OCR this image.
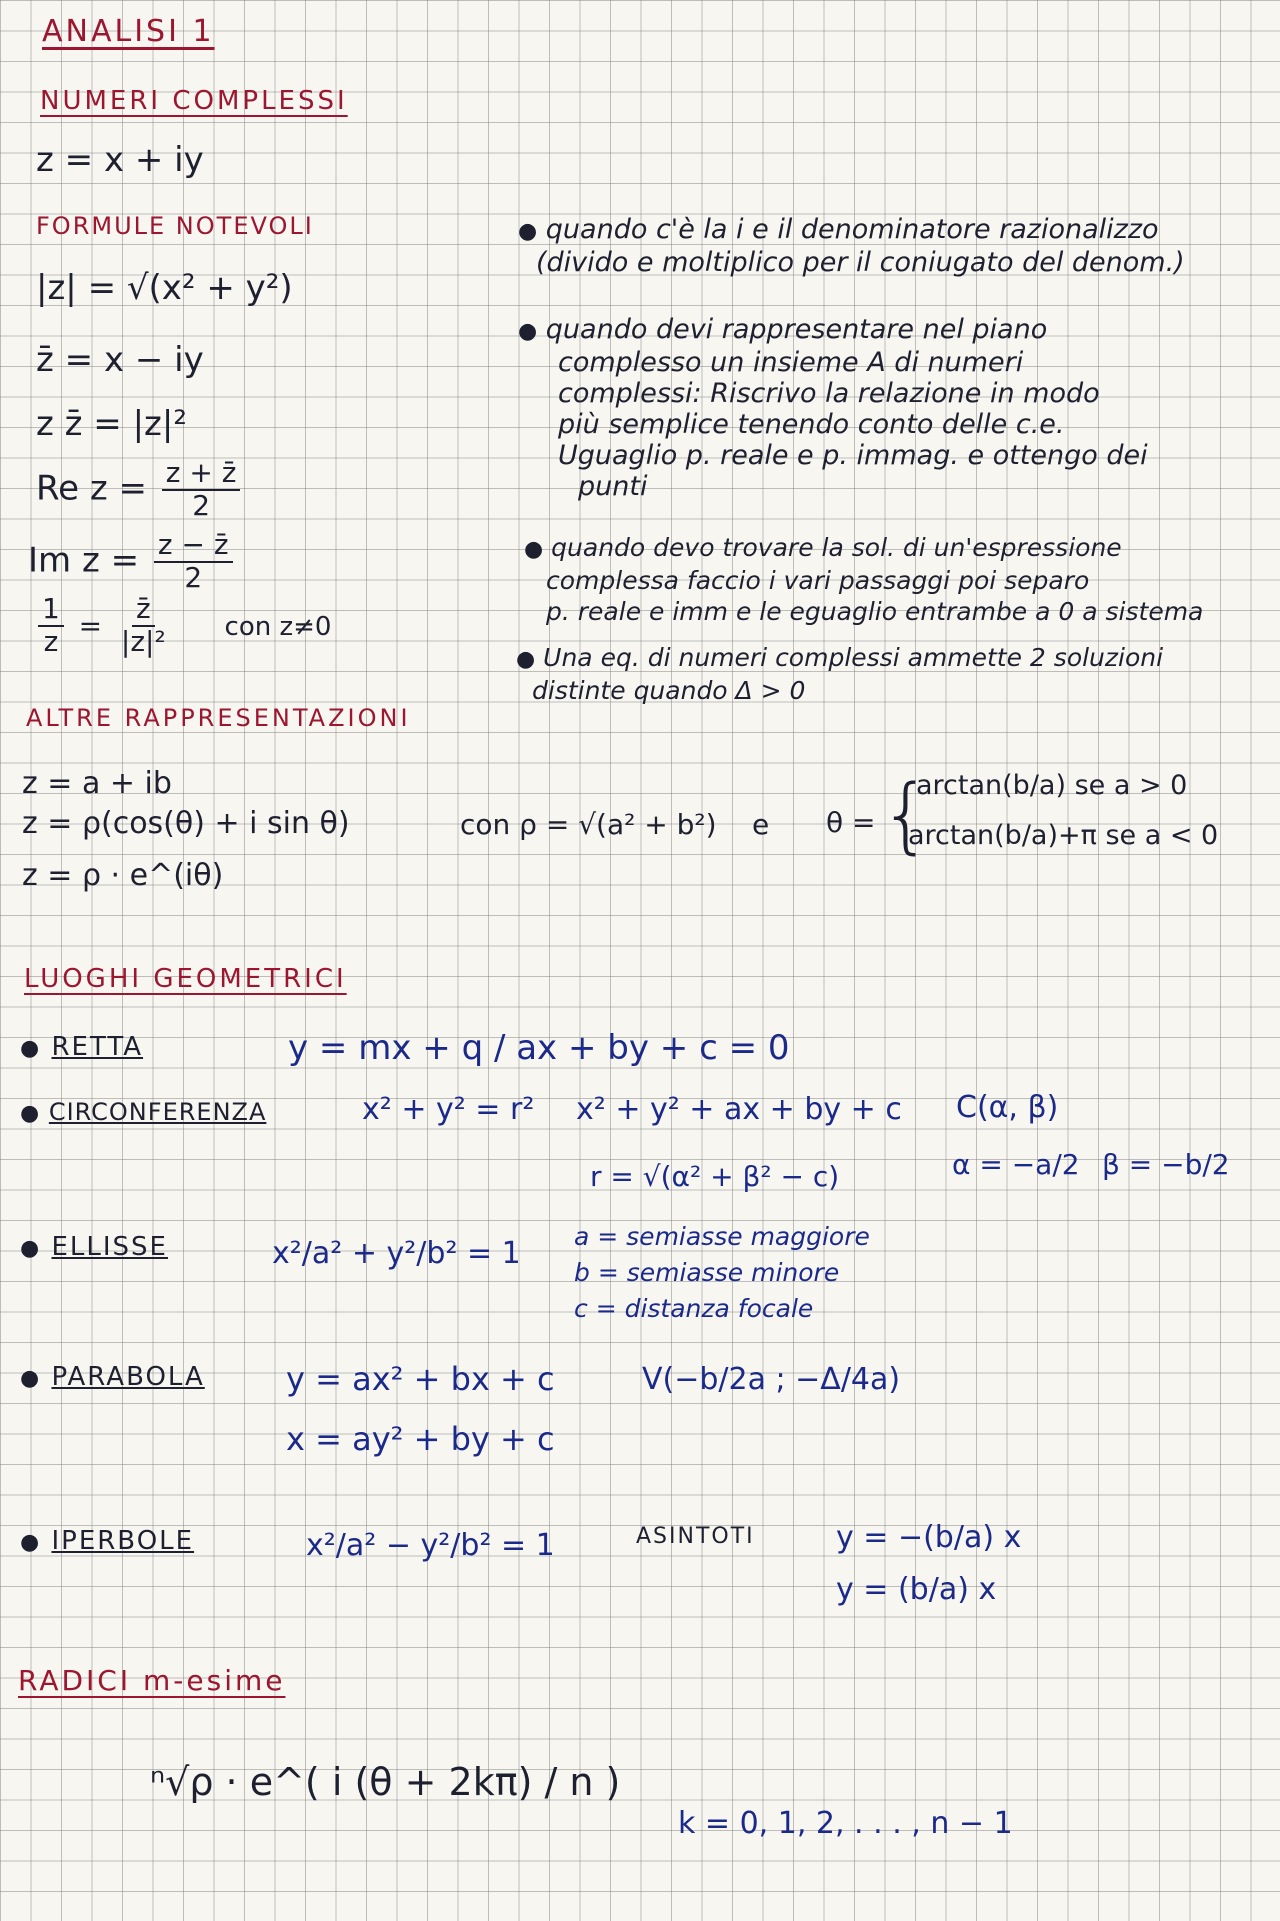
ANALISI 1
NUMERI COMPLESSI
z = x + iy
FORMULE NOTEVOLI
|z| = √(x² + y²)
z̄ = x − iy
z z̄ = |z|²
Re $z = \frac{z + z̄}{2}$
Im $z = \frac{z - z̄}{2}$
$\frac{1}{z} = \frac{z̄}{\text{|z|²}}$ con z≠0
● quando c'è la i e il denominatore razionalizzo
(divido e moltiplico per il coniugato del denom.)
● quando devi rappresentare nel piano
complesso un insieme A di numeri
complessi: Riscrivo la relazione in modo
più semplice tenendo conto delle c.e.
Uguaglio p. reale e p. immag. e ottengo dei
punti
● quando devo trovare la sol. di un'espressione
complessa faccio i vari passaggi poi separo
p. reale e imm e le eguaglio entrambe a 0 a sistema
● Una eq. di numeri complessi ammette 2 soluzioni
distinte quando Δ > 0
ALTRE RAPPRESENTAZIONI
z = a + ib
z = ρ(cos(θ) + i sin θ)	con ρ = √(a² + b²) e θ = {
arctan(b/a) se a > 0
arctan(b/a)+π se a < 0
z = ρ · e^(iθ)
LUOGHI GEOMETRICI
● RETTA	y = mx + q / ax + by + c = 0
● CIRCONFERENZA	x² + y² = r² x² + y² + ax + by + c
r = √(α² + β² − c)
C(α, β)
α = −a/2 β = −b/2
● ELLISSE	x²/a² + y²/b² = 1 a = semiasse maggiore
b = semiasse minore
c = distanza focale
● PARABOLA	y = ax² + bx + c
x = ay² + by + c
V(−b/2a ; −Δ/4a)
● IPERBOLE	x²/a² − y²/b² = 1	ASINTOTI	y = −(b/a) x
y = (b/a) x
RADICI m-esime
ⁿ√ρ · e^( i (θ + 2kπ) / n )
k = 0, 1, 2, . . . , n − 1
